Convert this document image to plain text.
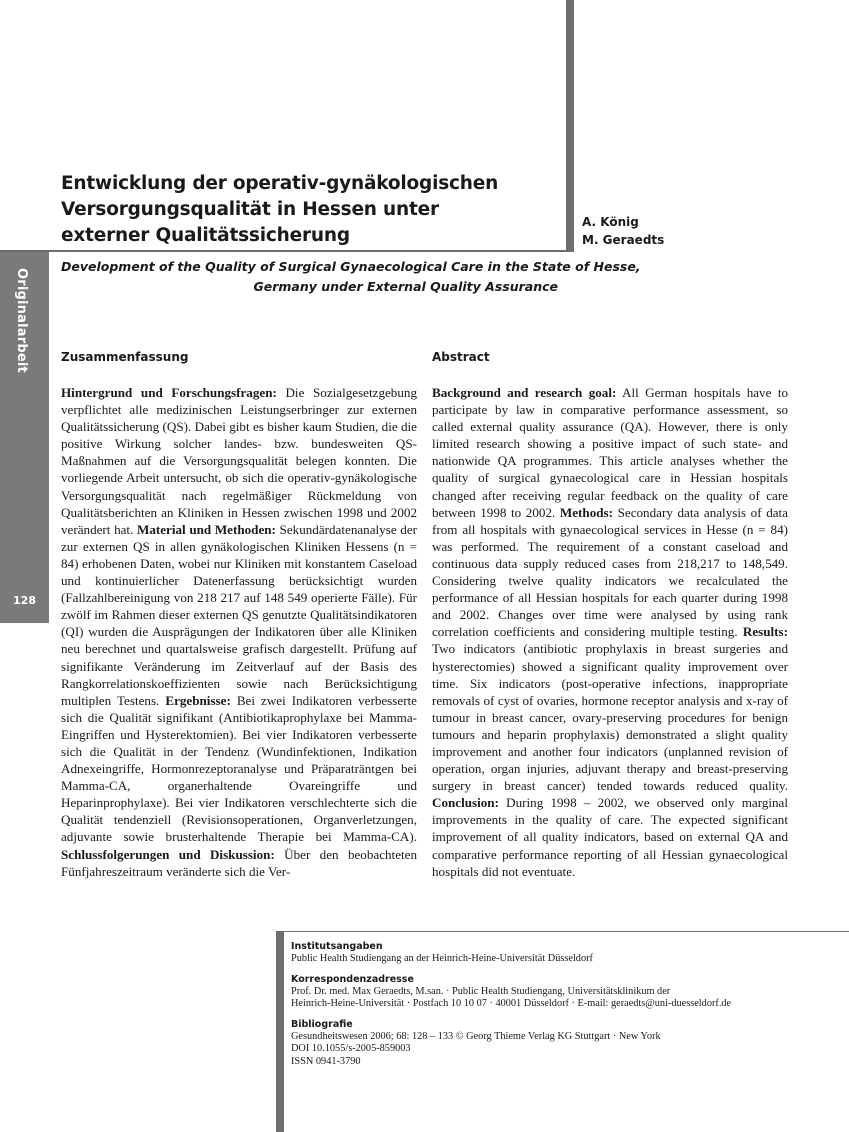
Entwicklung der operativ-gynäkologischen
Versorgungsqualität in Hessen unter
externer Qualitätssicherung
A. König
M. Geraedts
Development of the Quality of Surgical Gynaecological Care in the State of Hesse,
Germany under External Quality Assurance
Originalarbeit
128
Zusammenfassung	Abstract
Hintergrund und Forschungsfragen: Die Sozialgesetzgebung verpflichtet alle medizinischen Leistungserbringer zur externen Qualitätssicherung (QS). Dabei gibt es bisher kaum Studien, die die positive Wirkung solcher landes- bzw. bundesweiten QS-Maßnahmen auf die Versorgungsqualität belegen konnten. Die vorliegende Arbeit untersucht, ob sich die operativ-gynäkologische Versorgungsqualität nach regelmäßiger Rückmeldung von Qualitätsberichten an Kliniken in Hessen zwischen 1998 und 2002 verändert hat. Material und Methoden: Sekundärdatenanalyse der zur externen QS in allen gynäkologischen Kliniken Hessens (n = 84) erhobenen Daten, wobei nur Kliniken mit konstantem Caseload und kontinuierlicher Datenerfassung berücksichtigt wurden (Fallzahlbereinigung von 218 217 auf 148 549 operierte Fälle). Für zwölf im Rahmen dieser externen QS genutzte Qualitätsindikatoren (QI) wurden die Ausprägungen der Indikatoren über alle Kliniken neu berechnet und quartalsweise grafisch dargestellt. Prüfung auf signifikante Veränderung im Zeitverlauf auf der Basis des Rangkorrelationskoeffizienten sowie nach Berücksichtigung multiplen Testens. Ergebnisse: Bei zwei Indikatoren verbesserte sich die Qualität signifikant (Antibiotikaprophylaxe bei Mamma-Eingriffen und Hysterektomien). Bei vier Indikatoren verbesserte sich die Qualität in der Tendenz (Wundinfektionen, Indikation Adnexeingriffe, Hormonrezeptoranalyse und Präparaträntgen bei Mamma-CA, organerhaltende Ovareingriffe und Heparinprophylaxe). Bei vier Indikatoren verschlechterte sich die Qualität tendenziell (Revisionsoperationen, Organverletzungen, adjuvante sowie brusterhaltende Therapie bei Mamma-CA). Schlussfolgerungen und Diskussion: Über den beobachteten Fünfjahreszeitraum veränderte sich die Ver-
Background and research goal: All German hospitals have to participate by law in comparative performance assessment, so called external quality assurance (QA). However, there is only limited research showing a positive impact of such state- and nationwide QA programmes. This article analyses whether the quality of surgical gynaecological care in Hessian hospitals changed after receiving regular feedback on the quality of care between 1998 to 2002. Methods: Secondary data analysis of data from all hospitals with gynaecological services in Hesse (n = 84) was performed. The requirement of a constant caseload and continuous data supply reduced cases from 218,217 to 148,549. Considering twelve quality indicators we recalculated the performance of all Hessian hospitals for each quarter during 1998 and 2002. Changes over time were analysed by using rank correlation coefficients and considering multiple testing. Results: Two indicators (antibiotic prophylaxis in breast surgeries and hysterectomies) showed a significant quality improvement over time. Six indicators (post-operative infections, inappropriate removals of cyst of ovaries, hormone receptor analysis and x-ray of tumour in breast cancer, ovary-preserving procedures for benign tumours and heparin prophylaxis) demonstrated a slight quality improvement and another four indicators (unplanned revision of operation, organ injuries, adjuvant therapy and breast-preserving surgery in breast cancer) tended towards reduced quality. Conclusion: During 1998 – 2002, we observed only marginal improvements in the quality of care. The expected significant improvement of all quality indicators, based on external QA and comparative performance reporting of all Hessian gynaecological hospitals did not eventuate.
Institutsangaben
Public Health Studiengang an der Heinrich-Heine-Universität Düsseldorf
Korrespondenzadresse
Prof. Dr. med. Max Geraedts, M.san. · Public Health Studiengang, Universitätsklinikum der
Heinrich-Heine-Universität · Postfach 10 10 07 · 40001 Düsseldorf · E-mail: geraedts@uni-duesseldorf.de
Bibliografie
Gesundheitswesen 2006; 68: 128 – 133 © Georg Thieme Verlag KG Stuttgart · New York
DOI 10.1055/s-2005-859003
ISSN 0941-3790
